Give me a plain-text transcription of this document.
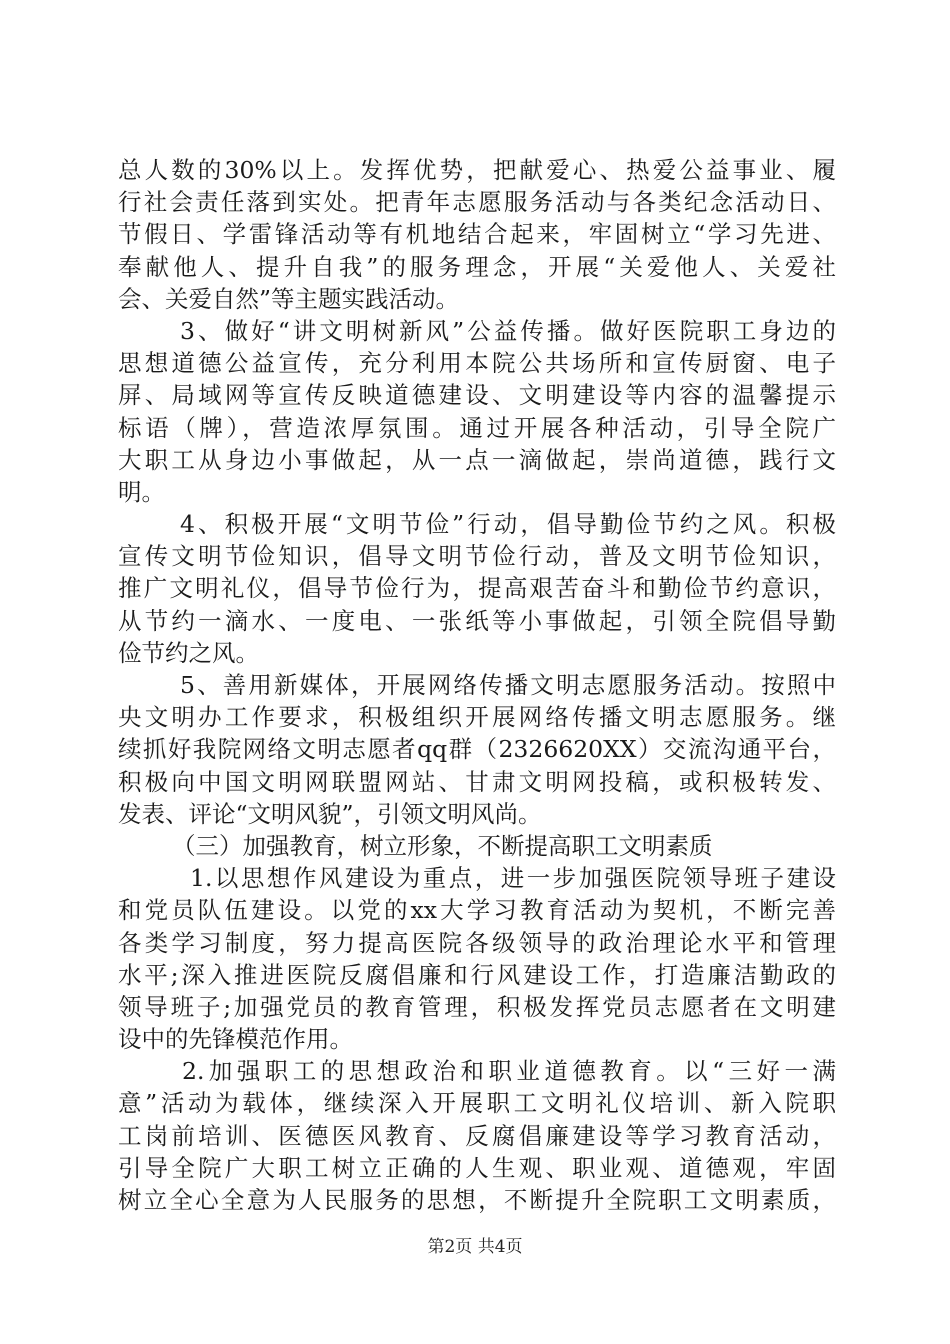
总人数的30%以上。发挥优势，把献爱心、热爱公益事业、履
行社会责任落到实处。把青年志愿服务活动与各类纪念活动日、
节假日、学雷锋活动等有机地结合起来，牢固树立“学习先进、
奉献他人、提升自我”的服务理念，开展“关爱他人、关爱社
会、关爱自然”等主题实践活动。
3、做好“讲文明树新风”公益传播。做好医院职工身边的
思想道德公益宣传，充分利用本院公共场所和宣传厨窗、电子
屏、局域网等宣传反映道德建设、文明建设等内容的温馨提示
标语（牌），营造浓厚氛围。通过开展各种活动，引导全院广
大职工从身边小事做起，从一点一滴做起，崇尚道德，践行文
明。
4、积极开展“文明节俭”行动，倡导勤俭节约之风。积极
宣传文明节俭知识，倡导文明节俭行动，普及文明节俭知识，
推广文明礼仪，倡导节俭行为，提高艰苦奋斗和勤俭节约意识，
从节约一滴水、一度电、一张纸等小事做起，引领全院倡导勤
俭节约之风。
5、善用新媒体，开展网络传播文明志愿服务活动。按照中
央文明办工作要求，积极组织开展网络传播文明志愿服务。继
续抓好我院网络文明志愿者qq群（2326620XX）交流沟通平台，
积极向中国文明网联盟网站、甘肃文明网投稿，或积极转发、
发表、评论“文明风貌”，引领文明风尚。
（三）加强教育，树立形象，不断提高职工文明素质
1.以思想作风建设为重点，进一步加强医院领导班子建设
和党员队伍建设。以党的xx大学习教育活动为契机，不断完善
各类学习制度，努力提高医院各级领导的政治理论水平和管理
水平;深入推进医院反腐倡廉和行风建设工作，打造廉洁勤政的
领导班子;加强党员的教育管理，积极发挥党员志愿者在文明建
设中的先锋模范作用。
2.加强职工的思想政治和职业道德教育。以“三好一满
意”活动为载体，继续深入开展职工文明礼仪培训、新入院职
工岗前培训、医德医风教育、反腐倡廉建设等学习教育活动，
引导全院广大职工树立正确的人生观、职业观、道德观，牢固
树立全心全意为人民服务的思想，不断提升全院职工文明素质，
第2页 共4页
